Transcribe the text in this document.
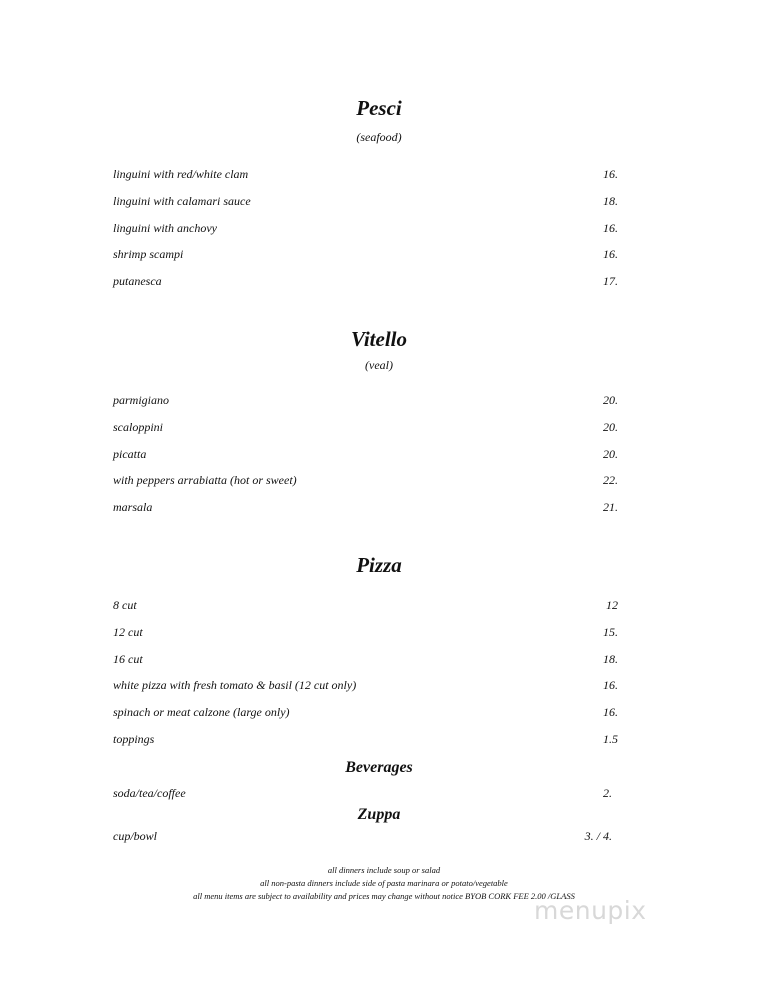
Pesci
(seafood)
linguini with red/white clam	16.
linguini with calamari sauce	18.
linguini with anchovy	16.
shrimp scampi	16.
putanesca	17.
Vitello
(veal)
parmigiano	20.
scaloppini	20.
picatta	20.
with peppers arrabiatta (hot or sweet)	22.
marsala	21.
Pizza
8 cut	12
12 cut	15.
16 cut	18.
white pizza with fresh tomato & basil (12 cut only)	16.
spinach or meat calzone (large only)	16.
toppings	1.5
Beverages
soda/tea/coffee	2.
Zuppa
cup/bowl	3. / 4.
all dinners include soup or salad
all non-pasta dinners include side of pasta marinara or potato/vegetable
all menu items are subject to availability and prices may change without notice BYOB CORK FEE 2.00 /GLASS
menupix
